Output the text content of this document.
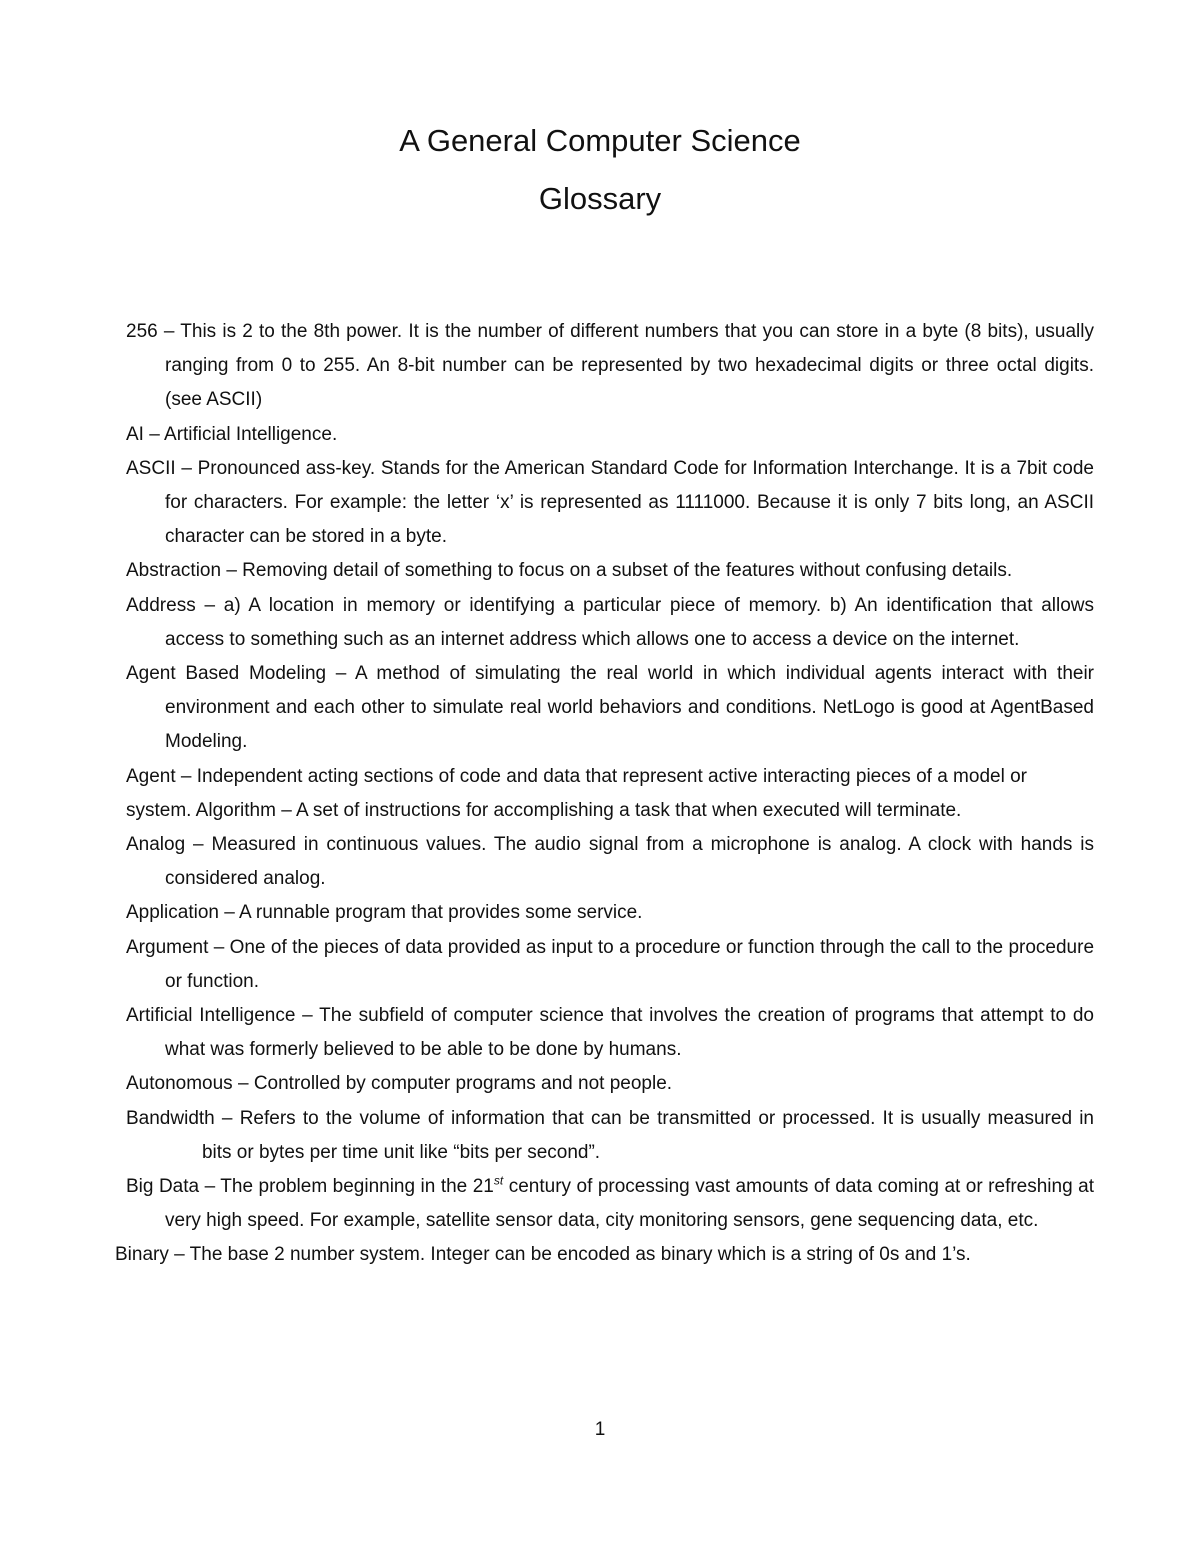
A General Computer Science

Glossary

256 – This is 2 to the 8th power. It is the number of different numbers that you can store in a byte (8 bits), usually ranging from 0 to 255. An 8-bit number can be represented by two hexadecimal digits or three octal digits. (see ASCII)

AI – Artificial Intelligence.

ASCII – Pronounced ass-key. Stands for the American Standard Code for Information Interchange. It is a 7bit code for characters. For example: the letter ‘x’ is represented as 1111000. Because it is only 7 bits long, an ASCII character can be stored in a byte.

Abstraction – Removing detail of something to focus on a subset of the features without confusing details.

Address – a) A location in memory or identifying a particular piece of memory. b) An identification that allows access to something such as an internet address which allows one to access a device on the internet.

Agent Based Modeling – A method of simulating the real world in which individual agents interact with their environment and each other to simulate real world behaviors and conditions. NetLogo is good at AgentBased Modeling.

Agent – Independent acting sections of code and data that represent active interacting pieces of a model or system. Algorithm – A set of instructions for accomplishing a task that when executed will terminate.

Analog – Measured in continuous values. The audio signal from a microphone is analog. A clock with hands is considered analog.

Application – A runnable program that provides some service.

Argument – One of the pieces of data provided as input to a procedure or function through the call to the procedure or function.

Artificial Intelligence – The subfield of computer science that involves the creation of programs that attempt to do what was formerly believed to be able to be done by humans.

Autonomous – Controlled by computer programs and not people.

Bandwidth – Refers to the volume of information that can be transmitted or processed. It is usually measured in        bits or bytes per time unit like “bits per second”.

Big Data – The problem beginning in the 21st century of processing vast amounts of data coming at or refreshing at very high speed. For example, satellite sensor data, city monitoring sensors, gene sequencing data, etc.

Binary – The base 2 number system. Integer can be encoded as binary which is a string of 0s and 1’s.

1
